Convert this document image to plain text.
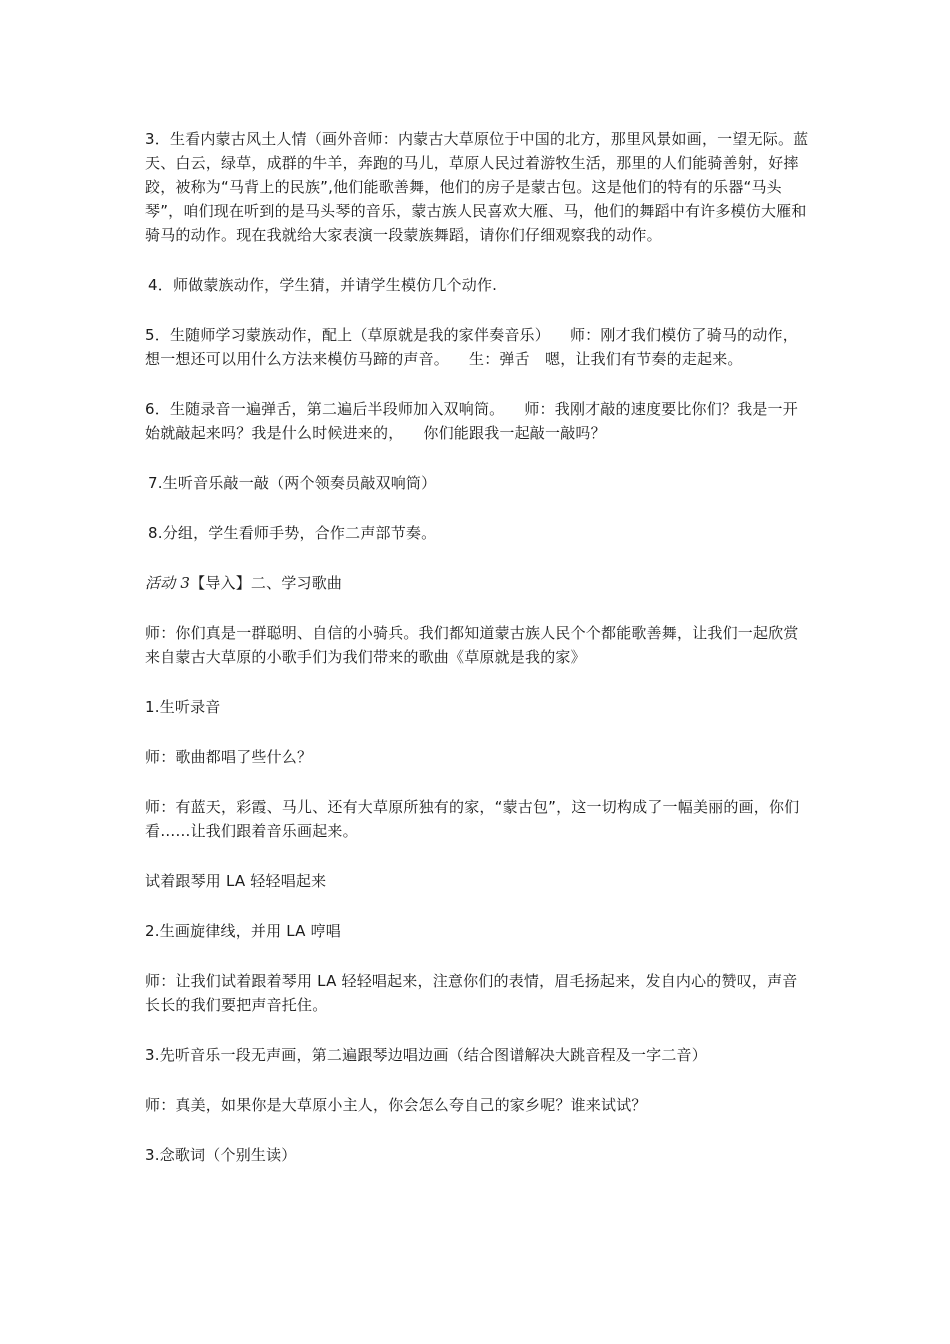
3．生看内蒙古风土人情（画外音师：内蒙古大草原位于中国的北方，那里风景如画，一望无际。蓝天、白云，绿草，成群的牛羊，奔跑的马儿，草原人民过着游牧生活，那里的人们能骑善射，好摔跤，被称为“马背上的民族”,他们能歌善舞，他们的房子是蒙古包。这是他们的特有的乐器“马头琴”，咱们现在听到的是马头琴的音乐，蒙古族人民喜欢大雁、马，他们的舞蹈中有许多模仿大雁和骑马的动作。现在我就给大家表演一段蒙族舞蹈，请你们仔细观察我的动作。

4．师做蒙族动作，学生猜，并请学生模仿几个动作.

5．生随师学习蒙族动作，配上（草原就是我的家伴奏音乐） 师：刚才我们模仿了骑马的动作，想一想还可以用什么方法来模仿马蹄的声音。 生：弹舌　嗯，让我们有节奏的走起来。

6．生随录音一遍弹舌，第二遍后半段师加入双响筒。 师：我刚才敲的速度要比你们？我是一开始就敲起来吗？我是什么时候进来的， 你们能跟我一起敲一敲吗？

7.生听音乐敲一敲（两个领奏员敲双响筒）

8.分组，学生看师手势，合作二声部节奏。

活动 3【导入】二、学习歌曲

师：你们真是一群聪明、自信的小骑兵。我们都知道蒙古族人民个个都能歌善舞，让我们一起欣赏来自蒙古大草原的小歌手们为我们带来的歌曲《草原就是我的家》

1.生听录音

师：歌曲都唱了些什么？

师：有蓝天，彩霞、马儿、还有大草原所独有的家，“蒙古包”，这一切构成了一幅美丽的画，你们看……让我们跟着音乐画起来。

试着跟琴用 LA 轻轻唱起来

2.生画旋律线，并用 LA 哼唱

师：让我们试着跟着琴用 LA 轻轻唱起来，注意你们的表情，眉毛扬起来，发自内心的赞叹，声音长长的我们要把声音托住。

3.先听音乐一段无声画，第二遍跟琴边唱边画（结合图谱解决大跳音程及一字二音）

师：真美，如果你是大草原小主人，你会怎么夸自己的家乡呢？谁来试试？

3.念歌词（个别生读）
